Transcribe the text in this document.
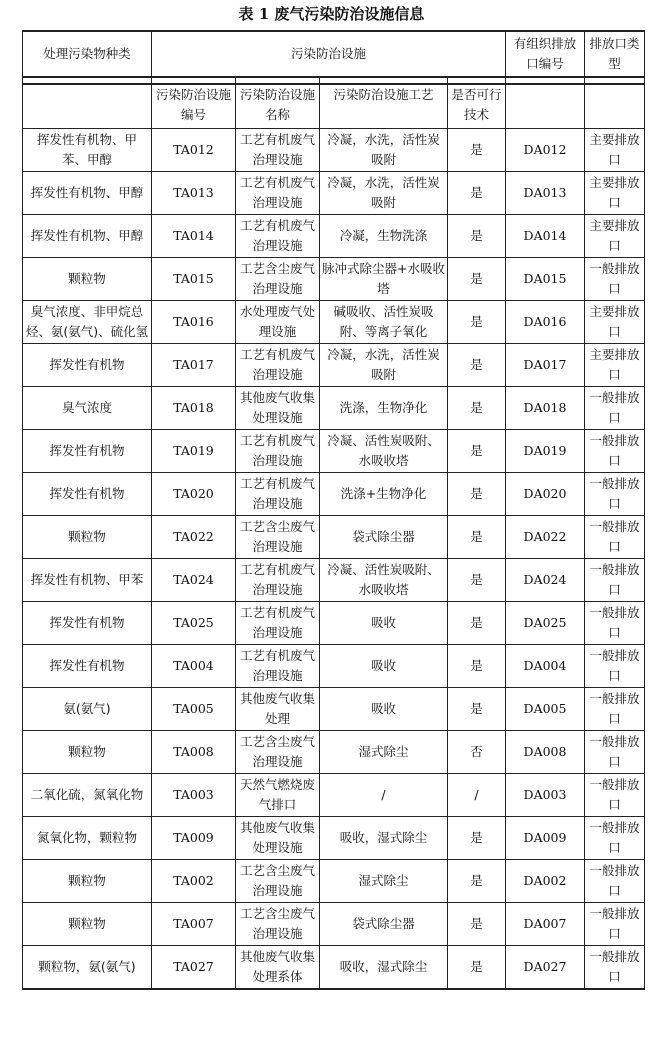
表 1 废气污染防治设施信息
处理污染物种类	污染防治设施				有组织排放口编号	排放口类型

	污染防治设施编号	污染防治设施名称	污染防治设施工艺	是否可行技术		
挥发性有机物、甲苯、甲醇	TA012	工艺有机废气治理设施	冷凝，水洗，活性炭吸附	是	DA012	主要排放口
挥发性有机物、甲醇	TA013	工艺有机废气治理设施	冷凝，水洗，活性炭吸附	是	DA013	主要排放口
挥发性有机物、甲醇	TA014	工艺有机废气治理设施	冷凝，生物洗涤	是	DA014	主要排放口
颗粒物	TA015	工艺含尘废气治理设施	脉冲式除尘器+水吸收塔	是	DA015	一般排放口
臭气浓度、非甲烷总烃、氨(氨气)、硫化氢	TA016	水处理废气处理设施	碱吸收、活性炭吸附、等离子氧化	是	DA016	主要排放口
挥发性有机物	TA017	工艺有机废气治理设施	冷凝，水洗，活性炭吸附	是	DA017	主要排放口
臭气浓度	TA018	其他废气收集处理设施	洗涤，生物净化	是	DA018	一般排放口
挥发性有机物	TA019	工艺有机废气治理设施	冷凝、活性炭吸附、水吸收塔	是	DA019	一般排放口
挥发性有机物	TA020	工艺有机废气治理设施	洗涤+生物净化	是	DA020	一般排放口
颗粒物	TA022	工艺含尘废气治理设施	袋式除尘器	是	DA022	一般排放口
挥发性有机物、甲苯	TA024	工艺有机废气治理设施	冷凝、活性炭吸附、水吸收塔	是	DA024	一般排放口
挥发性有机物	TA025	工艺有机废气治理设施	吸收	是	DA025	一般排放口
挥发性有机物	TA004	工艺有机废气治理设施	吸收	是	DA004	一般排放口
氨(氨气)	TA005	其他废气收集处理	吸收	是	DA005	一般排放口
颗粒物	TA008	工艺含尘废气治理设施	湿式除尘	否	DA008	一般排放口
二氧化硫，氮氧化物	TA003	天然气燃烧废气排口	/	/	DA003	一般排放口
氮氧化物，颗粒物	TA009	其他废气收集处理设施	吸收，湿式除尘	是	DA009	一般排放口
颗粒物	TA002	工艺含尘废气治理设施	湿式除尘	是	DA002	一般排放口
颗粒物	TA007	工艺含尘废气治理设施	袋式除尘器	是	DA007	一般排放口
颗粒物，氨(氨气)	TA027	其他废气收集处理系体	吸收，湿式除尘	是	DA027	一般排放口
